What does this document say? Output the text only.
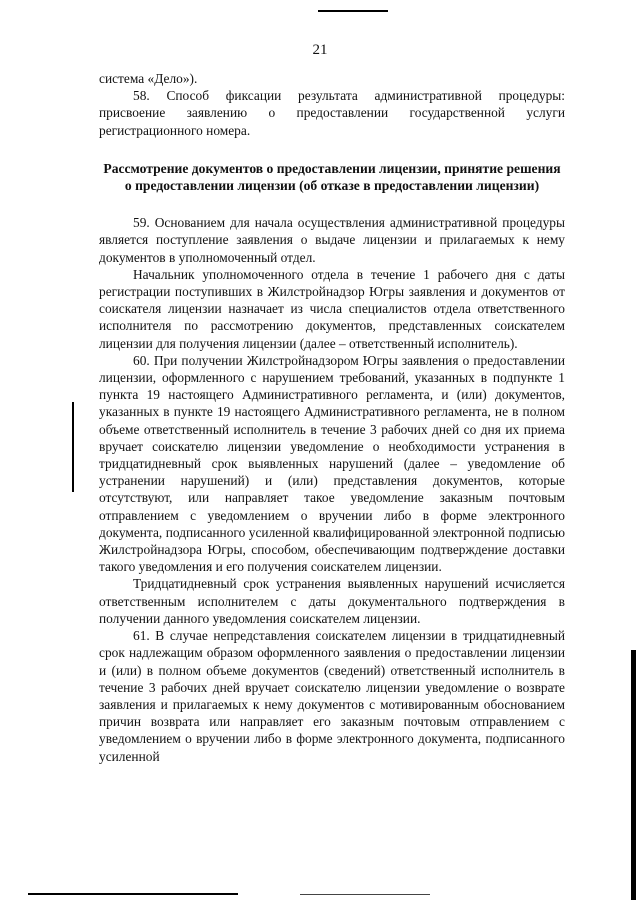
21

система «Дело»).

58. Способ фиксации результата административной процедуры: присвоение заявлению о предоставлении государственной услуги регистрационного номера.

Рассмотрение документов о предоставлении лицензии, принятие решения о предоставлении лицензии (об отказе в предоставлении лицензии)

59. Основанием для начала осуществления административной процедуры является поступление заявления о выдаче лицензии и прилагаемых к нему документов в уполномоченный отдел.

Начальник уполномоченного отдела в течение 1 рабочего дня с даты регистрации поступивших в Жилстройнадзор Югры заявления и документов от соискателя лицензии назначает из числа специалистов отдела ответственного исполнителя по рассмотрению документов, представленных соискателем лицензии для получения лицензии (далее – ответственный исполнитель).

60. При получении Жилстройнадзором Югры заявления о предоставлении лицензии, оформленного с нарушением требований, указанных в подпункте 1 пункта 19 настоящего Административного регламента, и (или) документов, указанных в пункте 19 настоящего Административного регламента, не в полном объеме ответственный исполнитель в течение 3 рабочих дней со дня их приема вручает соискателю лицензии уведомление о необходимости устранения в тридцатидневный срок выявленных нарушений (далее – уведомление об устранении нарушений) и (или) представления документов, которые отсутствуют, или направляет такое уведомление заказным почтовым отправлением с уведомлением о вручении либо в форме электронного документа, подписанного усиленной квалифицированной электронной подписью Жилстройнадзора Югры, способом, обеспечивающим подтверждение доставки такого уведомления и его получения соискателем лицензии.

Тридцатидневный срок устранения выявленных нарушений исчисляется ответственным исполнителем с даты документального подтверждения в получении данного уведомления соискателем лицензии.

61. В случае непредставления соискателем лицензии в тридцатидневный срок надлежащим образом оформленного заявления о предоставлении лицензии и (или) в полном объеме документов (сведений) ответственный исполнитель в течение 3 рабочих дней вручает соискателю лицензии уведомление о возврате заявления и прилагаемых к нему документов с мотивированным обоснованием причин возврата или направляет его заказным почтовым отправлением с уведомлением о вручении либо в форме электронного документа, подписанного усиленной
